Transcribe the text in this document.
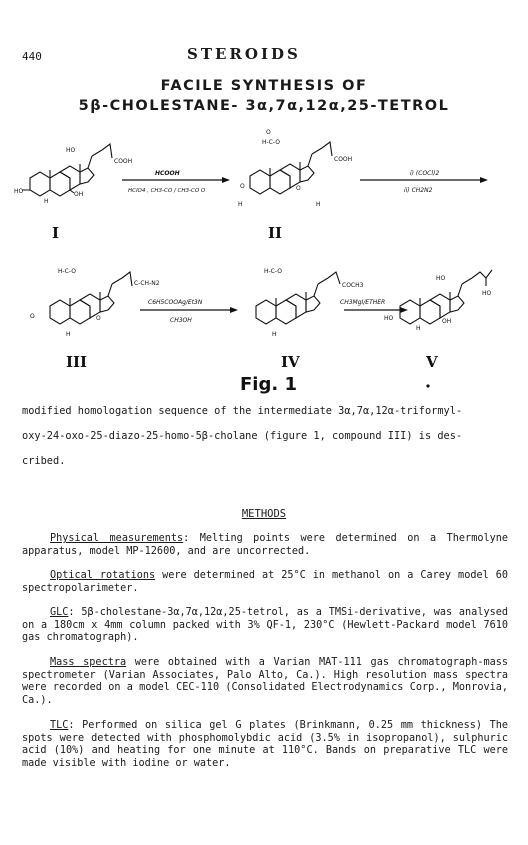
440	STEROIDS
FACILE SYNTHESIS OF
5β-CHOLESTANE- 3α,7α,12α,25-TETROL
COOH
HO
HO	OH
H
I
HCOOH
HClO4 , CH3-CO / CH3-CO O
COOH
H-C-O
O
O	O
H	H
II
i) (COCl)2
ii) CH2N2
C-CH-N2
H-C-O
O	O
H
III
C6H5COOAg/Et3N
CH3OH
COCH3
H-C-O
H
IV
CH3MgI/ETHER
HO
HO
HO	OH
H
V
Fig. 1
modified homologation sequence of the intermediate 3α,7α,12α-triformyl-
oxy-24-oxo-25-diazo-25-homo-5β-cholane (figure 1, compound III) is des-
cribed.
METHODS
Physical measurements: Melting points were determined on a Thermolyne apparatus, model MP-12600, and are uncorrected.
Optical rotations were determined at 25°C in methanol on a Carey model 60 spectropolarimeter.
GLC: 5β-cholestane-3α,7α,12α,25-tetrol, as a TMSi-derivative, was analysed on a 180cm x 4mm column packed with 3% QF-1, 230°C (Hewlett-Packard model 7610 gas chromatograph).
Mass spectra were obtained with a Varian MAT-111 gas chromatograph-mass spectrometer (Varian Associates, Palo Alto, Ca.). High resolution mass spectra were recorded on a model CEC-110 (Consolidated Electrodynamics Corp., Monrovia, Ca.).
TLC: Performed on silica gel G plates (Brinkmann, 0.25 mm thickness) The spots were detected with phosphomolybdic acid (3.5% in isopropanol), sulphuric acid (10%) and heating for one minute at 110°C. Bands on preparative TLC were made visible with iodine or water.
